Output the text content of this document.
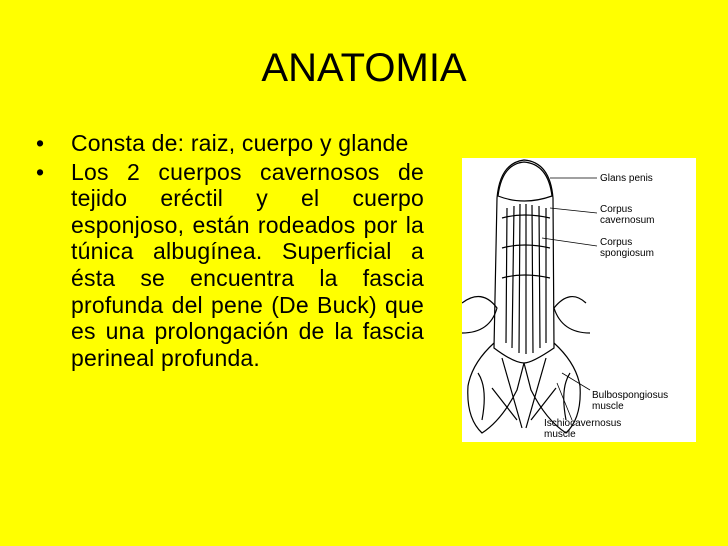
ANATOMIA
• Consta de: raiz, cuerpo y glande
• Los 2 cuerpos cavernosos de tejido eréctil y el cuerpo esponjoso, están rodeados por la túnica albugínea. Superficial a ésta se encuentra la fascia profunda del pene (De Buck) que es una prolongación de la fascia perineal profunda.
Glans penis
Corpus
cavernosum
Corpus
spongiosum
Bulbospongiosus
muscle
Ischiocavernosus
muscle
